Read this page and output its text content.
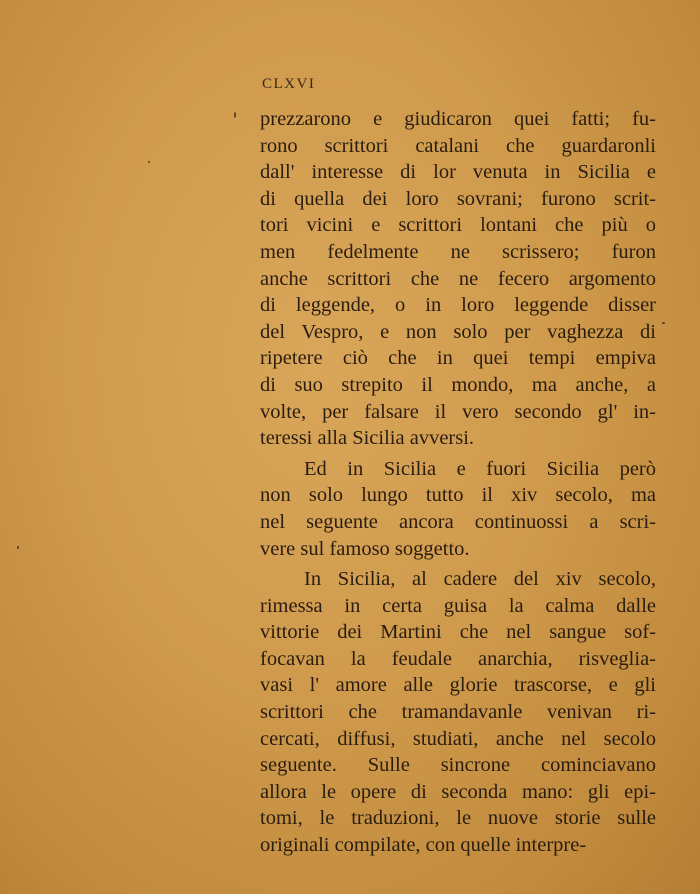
CLXVI
prezzarono e giudicaron quei fatti; fu-
rono scrittori catalani che guardaronli
dall' interesse di lor venuta in Sicilia e
di quella dei loro sovrani; furono scrit-
tori vicini e scrittori lontani che più o
men fedelmente ne scrissero; furon
anche scrittori che ne fecero argomento
di leggende, o in loro leggende disser
del Vespro, e non solo per vaghezza di
ripetere ciò che in quei tempi empiva
di suo strepito il mondo, ma anche, a
volte, per falsare il vero secondo gl' in-
teressi alla Sicilia avversi.
Ed in Sicilia e fuori Sicilia però
non solo lungo tutto il xiv secolo, ma
nel seguente ancora continuossi a scri-
vere sul famoso soggetto.
In Sicilia, al cadere del xiv secolo,
rimessa in certa guisa la calma dalle
vittorie dei Martini che nel sangue sof-
focavan la feudale anarchia, risveglia-
vasi l' amore alle glorie trascorse, e gli
scrittori che tramandavanle venivan ri-
cercati, diffusi, studiati, anche nel secolo
seguente. Sulle sincrone cominciavano
allora le opere di seconda mano: gli epi-
tomi, le traduzioni, le nuove storie sulle
originali compilate, con quelle interpre-
